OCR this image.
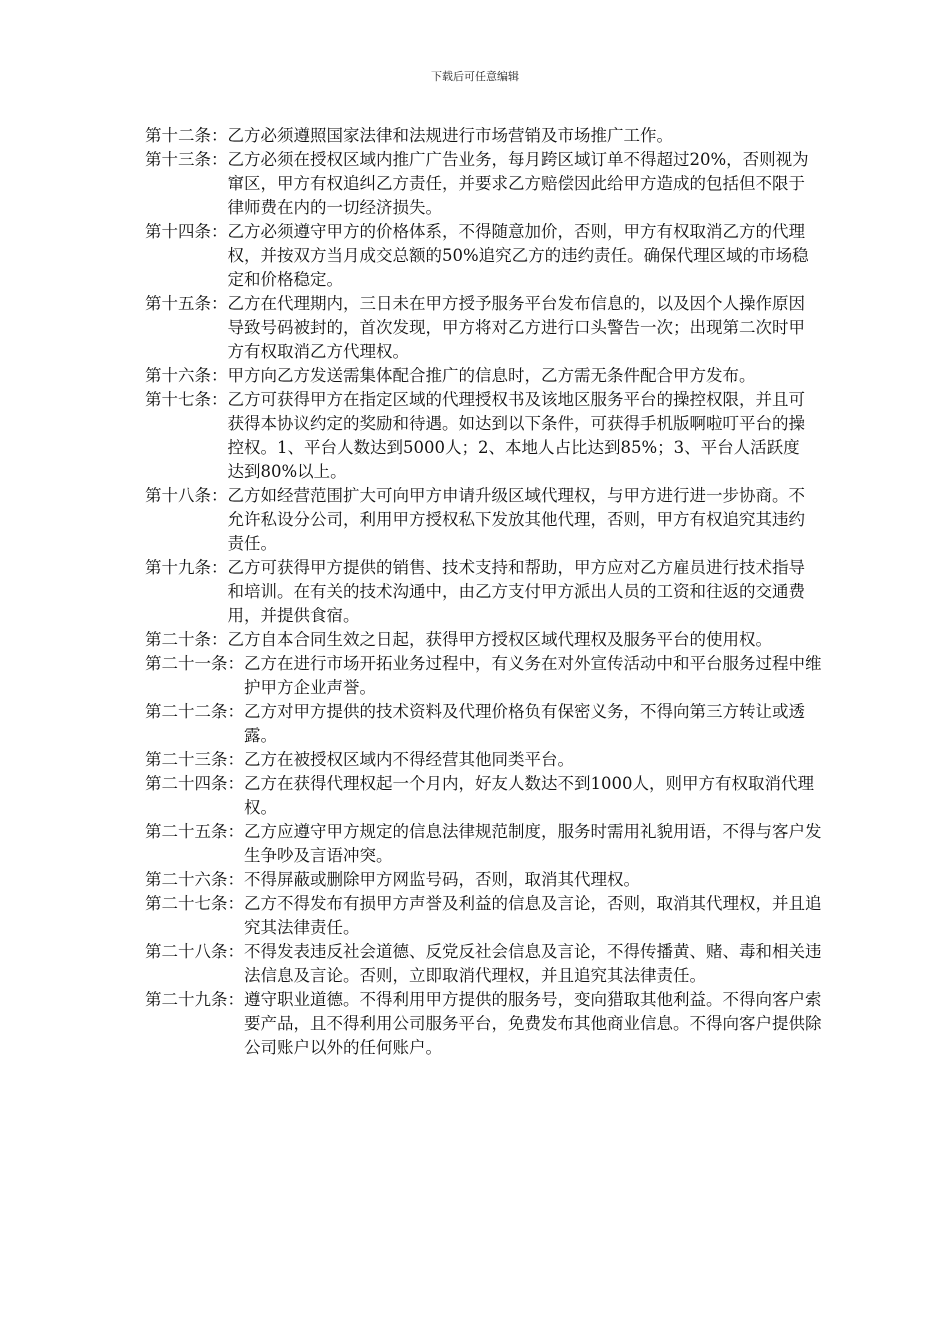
下载后可任意编辑
第十二条： 乙方必须遵照国家法律和法规进行市场营销及市场推广工作。
第十三条： 乙方必须在授权区域内推广广告业务，每月跨区域订单不得超过20%，否则视为窜区，甲方有权追纠乙方责任，并要求乙方赔偿因此给甲方造成的包括但不限于律师费在内的一切经济损失。
第十四条： 乙方必须遵守甲方的价格体系，不得随意加价，否则，甲方有权取消乙方的代理权，并按双方当月成交总额的50%追究乙方的违约责任。确保代理区域的市场稳定和价格稳定。
第十五条： 乙方在代理期内，三日未在甲方授予服务平台发布信息的，以及因个人操作原因导致号码被封的，首次发现，甲方将对乙方进行口头警告一次；出现第二次时甲方有权取消乙方代理权。
第十六条： 甲方向乙方发送需集体配合推广的信息时，乙方需无条件配合甲方发布。
第十七条： 乙方可获得甲方在指定区域的代理授权书及该地区服务平台的操控权限，并且可获得本协议约定的奖励和待遇。如达到以下条件，可获得手机版啊啦叮平台的操控权。1、平台人数达到5000人；2、本地人占比达到85%；3、平台人活跃度达到80%以上。
第十八条： 乙方如经营范围扩大可向甲方申请升级区域代理权，与甲方进行进一步协商。不允许私设分公司，利用甲方授权私下发放其他代理，否则，甲方有权追究其违约责任。
第十九条： 乙方可获得甲方提供的销售、技术支持和帮助，甲方应对乙方雇员进行技术指导和培训。在有关的技术沟通中，由乙方支付甲方派出人员的工资和往返的交通费用，并提供食宿。
第二十条： 乙方自本合同生效之日起，获得甲方授权区域代理权及服务平台的使用权。
第二十一条： 乙方在进行市场开拓业务过程中，有义务在对外宣传活动中和平台服务过程中维护甲方企业声誉。
第二十二条： 乙方对甲方提供的技术资料及代理价格负有保密义务，不得向第三方转让或透露。
第二十三条： 乙方在被授权区域内不得经营其他同类平台。
第二十四条： 乙方在获得代理权起一个月内，好友人数达不到1000人，则甲方有权取消代理权。
第二十五条： 乙方应遵守甲方规定的信息法律规范制度，服务时需用礼貌用语，不得与客户发生争吵及言语冲突。
第二十六条： 不得屏蔽或删除甲方网监号码，否则，取消其代理权。
第二十七条： 乙方不得发布有损甲方声誉及利益的信息及言论，否则，取消其代理权，并且追究其法律责任。
第二十八条： 不得发表违反社会道德、反党反社会信息及言论，不得传播黄、赌、毒和相关违法信息及言论。否则，立即取消代理权，并且追究其法律责任。
第二十九条： 遵守职业道德。不得利用甲方提供的服务号，变向猎取其他利益。不得向客户索要产品，且不得利用公司服务平台，免费发布其他商业信息。不得向客户提供除公司账户以外的任何账户。
